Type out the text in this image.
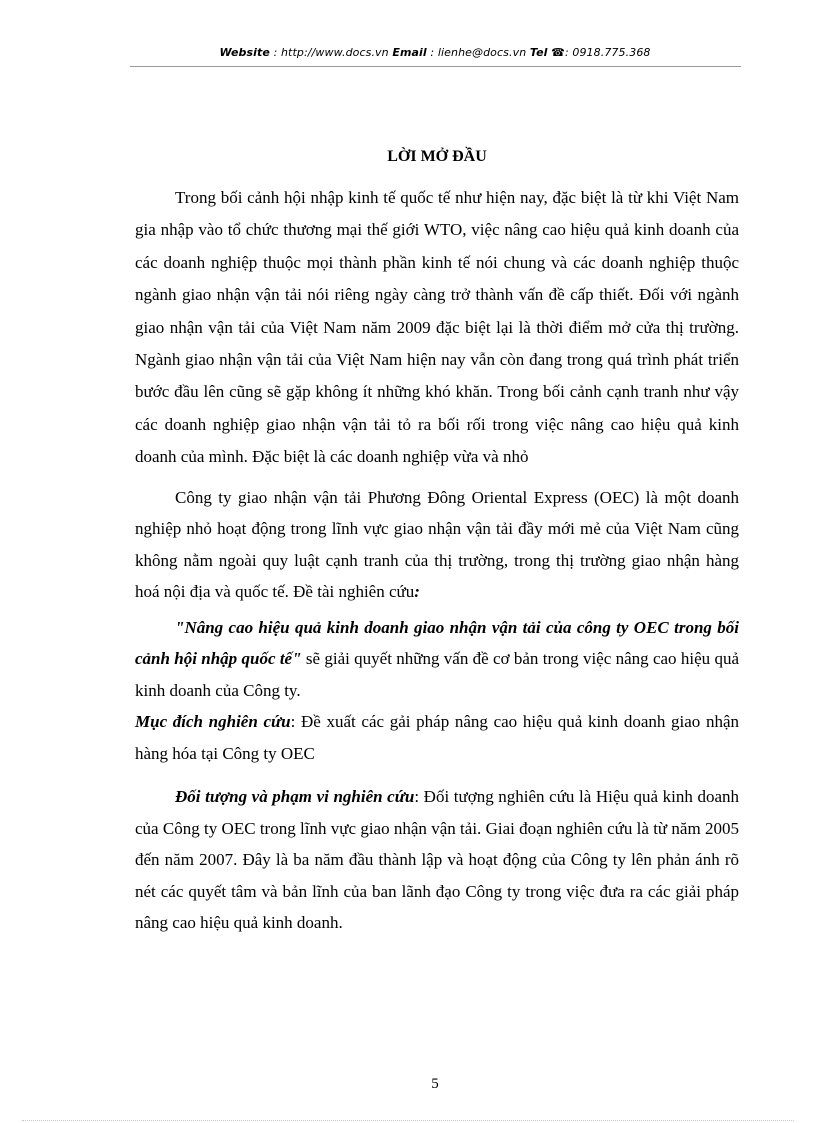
Website : http://www.docs.vn Email : lienhe@docs.vn Tel ☎: 0918.775.368
LỜI MỞ ĐẦU

Trong bối cảnh hội nhập kinh tế quốc tế như hiện nay, đặc biệt là từ khi Việt Nam gia nhập vào tổ chức thương mại thế giới WTO, việc nâng cao hiệu quả kinh doanh của các doanh nghiệp thuộc mọi thành phần kinh tế nói chung và các doanh nghiệp thuộc ngành giao nhận vận tải nói riêng ngày càng trở thành vấn đề cấp thiết. Đối với ngành giao nhận vận tải của Việt Nam năm 2009 đặc biệt lại là thời điểm mở cửa thị trường. Ngành giao nhận vận tải của Việt Nam hiện nay vẫn còn đang trong quá trình phát triển bước đầu lên cũng sẽ gặp không ít những khó khăn. Trong bối cảnh cạnh tranh như vậy các doanh nghiệp giao nhận vận tải tỏ ra bối rối trong việc nâng cao hiệu quả kinh doanh của mình. Đặc biệt là các doanh nghiệp vừa và nhỏ

Công ty giao nhận vận tải Phương Đông Oriental Express (OEC) là một doanh nghiệp nhỏ hoạt động trong lĩnh vực giao nhận vận tải đầy mới mẻ của Việt Nam cũng không nằm ngoài quy luật cạnh tranh của thị trường, trong thị trường giao nhận hàng hoá nội địa và quốc tế. Đề tài nghiên cứu:

"Nâng cao hiệu quả kinh doanh giao nhận vận tải của công ty OEC trong bối cảnh hội nhập quốc tế" sẽ giải quyết những vấn đề cơ bản trong việc nâng cao hiệu quả kinh doanh của Công ty.

Mục đích nghiên cứu: Đề xuất các gải pháp nâng cao hiệu quả kinh doanh giao nhận hàng hóa tại Công ty OEC

Đối tượng và phạm vi nghiên cứu: Đối tượng nghiên cứu là Hiệu quả kinh doanh của Công ty OEC trong lĩnh vực giao nhận vận tải. Giai đoạn nghiên cứu là từ năm 2005 đến năm 2007. Đây là ba năm đầu thành lập và hoạt động của Công ty lên phản ánh rõ nét các quyết tâm và bản lĩnh của ban lãnh đạo Công ty trong việc đưa ra các giải pháp nâng cao hiệu quả kinh doanh.

5
